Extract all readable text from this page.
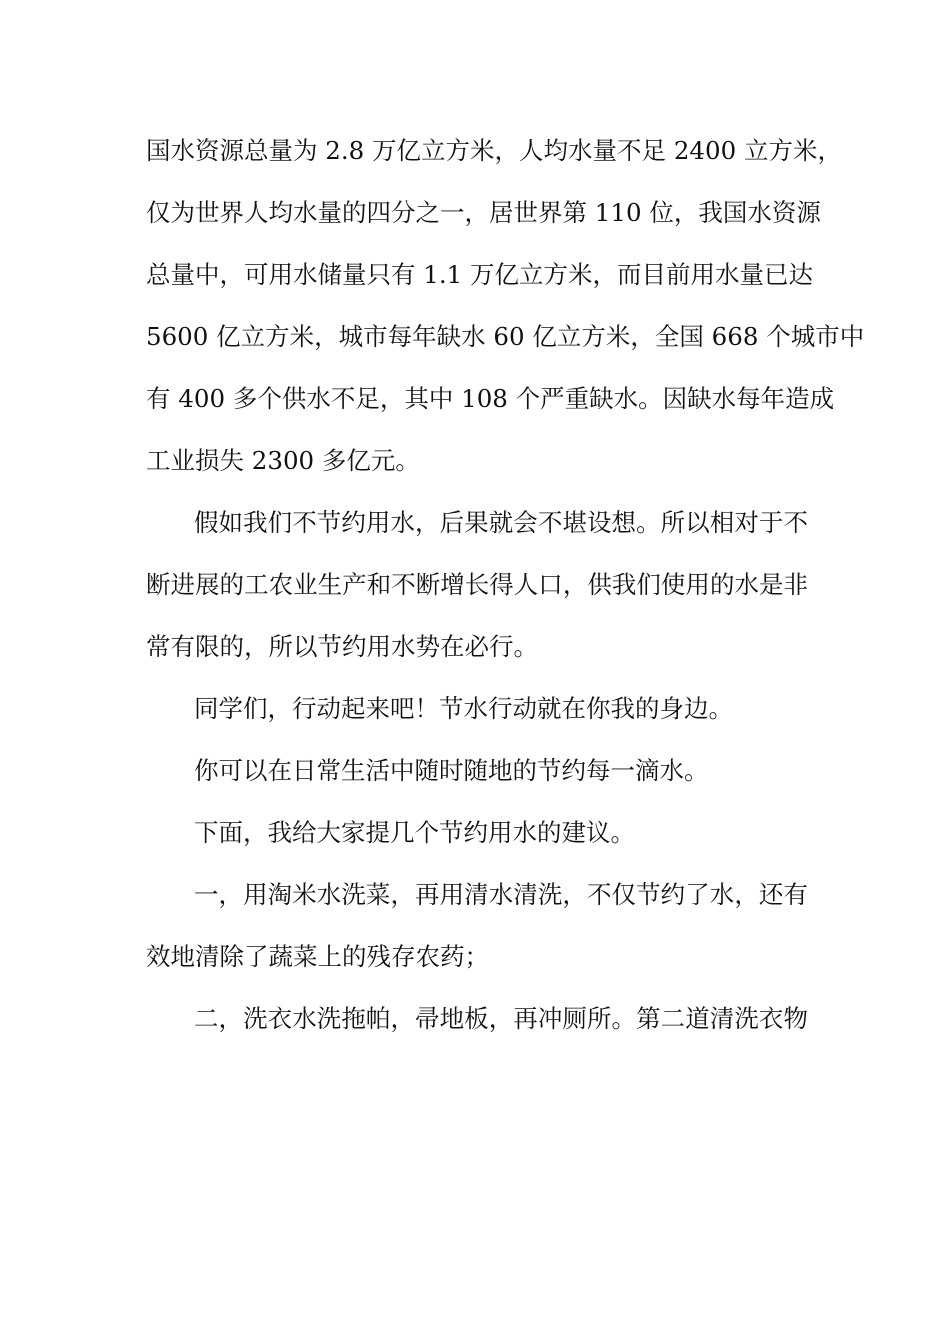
国水资源总量为 2.8 万亿立方米，人均水量不足 2400 立方米，
仅为世界人均水量的四分之一，居世界第 110 位，我国水资源
总量中，可用水储量只有 1.1 万亿立方米，而目前用水量已达
5600 亿立方米，城市每年缺水 60 亿立方米，全国 668 个城市中
有 400 多个供水不足，其中 108 个严重缺水。因缺水每年造成
工业损失 2300 多亿元。
假如我们不节约用水，后果就会不堪设想。所以相对于不
断进展的工农业生产和不断增长得人口，供我们使用的水是非
常有限的，所以节约用水势在必行。
同学们，行动起来吧！节水行动就在你我的身边。
你可以在日常生活中随时随地的节约每一滴水。
下面，我给大家提几个节约用水的建议。
一，用淘米水洗菜，再用清水清洗，不仅节约了水，还有
效地清除了蔬菜上的残存农药；
二，洗衣水洗拖帕，帚地板，再冲厕所。第二道清洗衣物
